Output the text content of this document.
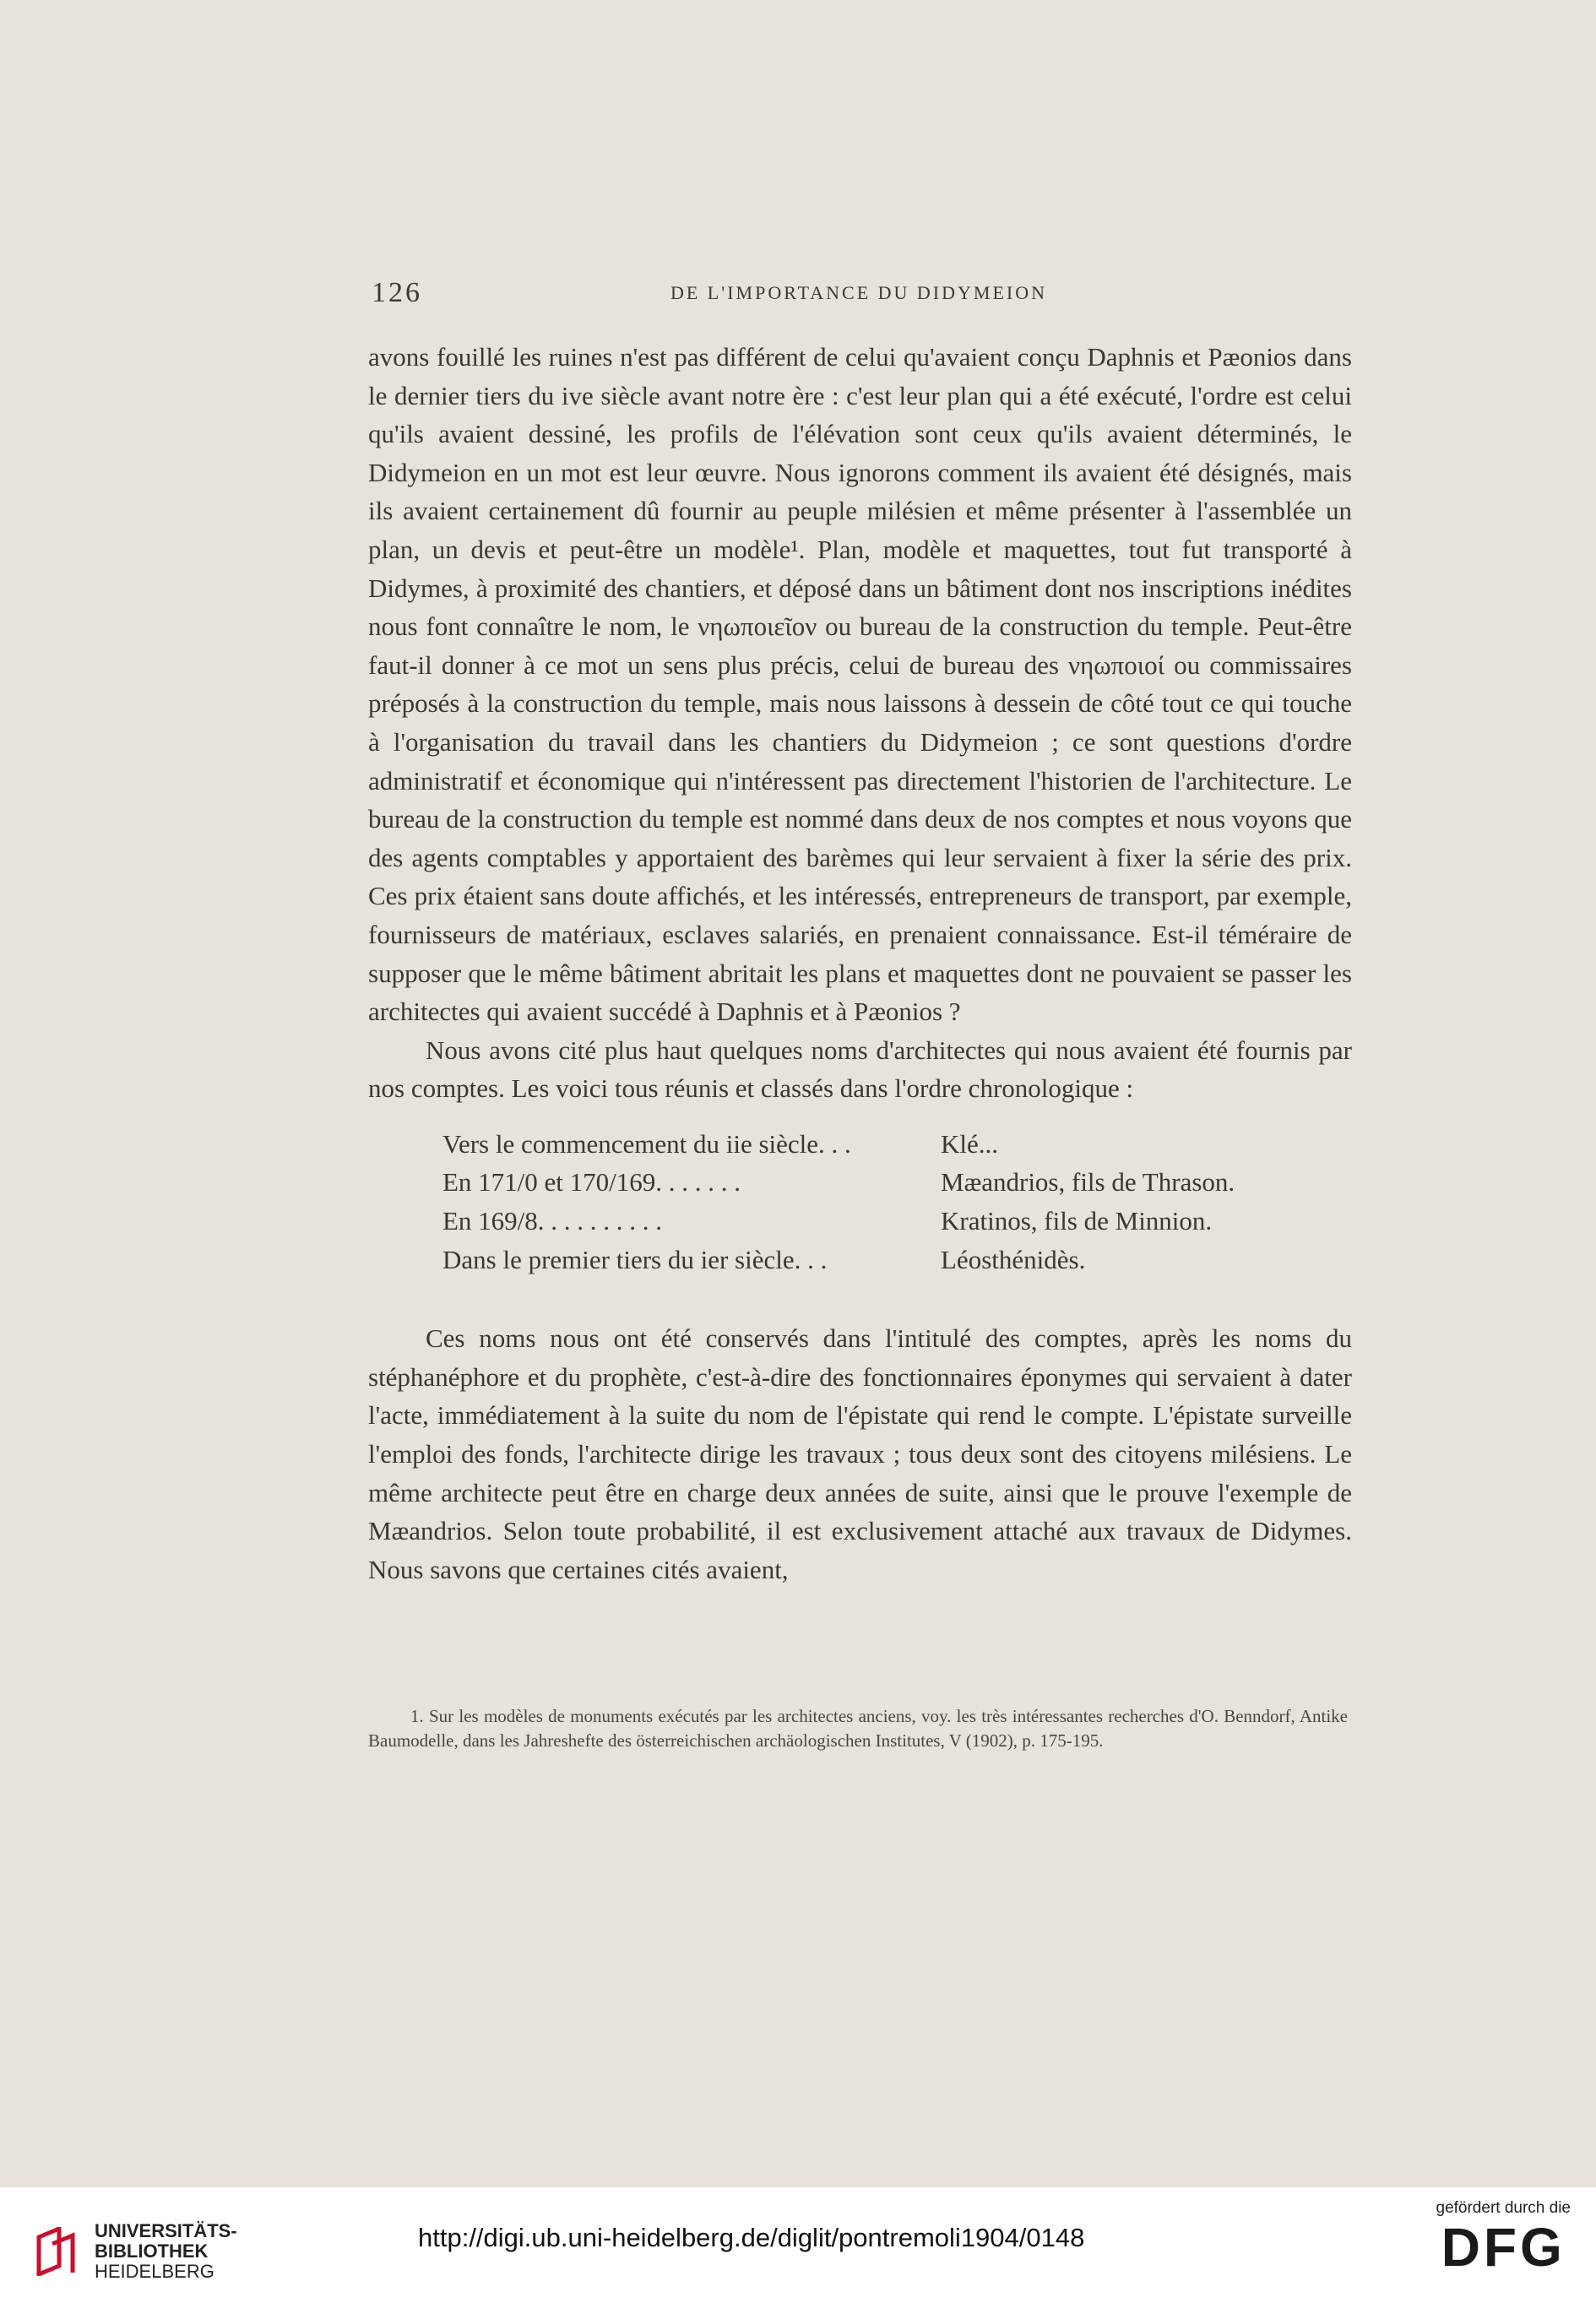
126	DE L'IMPORTANCE DU DIDYMEION

avons fouillé les ruines n'est pas différent de celui qu'avaient conçu Daphnis et Pæonios dans le dernier tiers du ive siècle avant notre ère : c'est leur plan qui a été exécuté, l'ordre est celui qu'ils avaient dessiné, les profils de l'élévation sont ceux qu'ils avaient déterminés, le Didymeion en un mot est leur œuvre. Nous ignorons comment ils avaient été désignés, mais ils avaient certainement dû fournir au peuple milésien et même présenter à l'assemblée un plan, un devis et peut-être un modèle¹. Plan, modèle et maquettes, tout fut transporté à Didymes, à proximité des chantiers, et déposé dans un bâtiment dont nos inscriptions inédites nous font connaître le nom, le νηωποιεῖον ou bureau de la construction du temple. Peut-être faut-il donner à ce mot un sens plus précis, celui de bureau des νηωποιοί ou commissaires préposés à la construction du temple, mais nous laissons à dessein de côté tout ce qui touche à l'organisation du travail dans les chantiers du Didymeion ; ce sont questions d'ordre administratif et économique qui n'intéressent pas directement l'historien de l'architecture. Le bureau de la construction du temple est nommé dans deux de nos comptes et nous voyons que des agents comptables y apportaient des barèmes qui leur servaient à fixer la série des prix. Ces prix étaient sans doute affichés, et les intéressés, entrepreneurs de transport, par exemple, fournisseurs de matériaux, esclaves salariés, en prenaient connaissance. Est-il téméraire de supposer que le même bâtiment abritait les plans et maquettes dont ne pouvaient se passer les architectes qui avaient succédé à Daphnis et à Pæonios ?

Nous avons cité plus haut quelques noms d'architectes qui nous avaient été fournis par nos comptes. Les voici tous réunis et classés dans l'ordre chronologique :

Vers le commencement du iie siècle. . .	Klé...
En 171/0 et 170/169. . . . . . .	Mæandrios, fils de Thrason.
En 169/8. . . . . . . . . .	Kratinos, fils de Minnion.
Dans le premier tiers du ier siècle. . .	Léosthénidès.

Ces noms nous ont été conservés dans l'intitulé des comptes, après les noms du stéphanéphore et du prophète, c'est-à-dire des fonctionnaires éponymes qui servaient à dater l'acte, immédiatement à la suite du nom de l'épistate qui rend le compte. L'épistate surveille l'emploi des fonds, l'architecte dirige les travaux ; tous deux sont des citoyens milésiens. Le même architecte peut être en charge deux années de suite, ainsi que le prouve l'exemple de Mæandrios. Selon toute probabilité, il est exclusivement attaché aux travaux de Didymes. Nous savons que certaines cités avaient,

1. Sur les modèles de monuments exécutés par les architectes anciens, voy. les très intéressantes recherches d'O. Benndorf, Antike Baumodelle, dans les Jahreshefte des österreichischen archäologischen Institutes, V (1902), p. 175-195.
UNIVERSITÄTS-
BIBLIOTHEK
HEIDELBERG
http://digi.ub.uni-heidelberg.de/diglit/pontremoli1904/0148
gefördert durch die
DFG
